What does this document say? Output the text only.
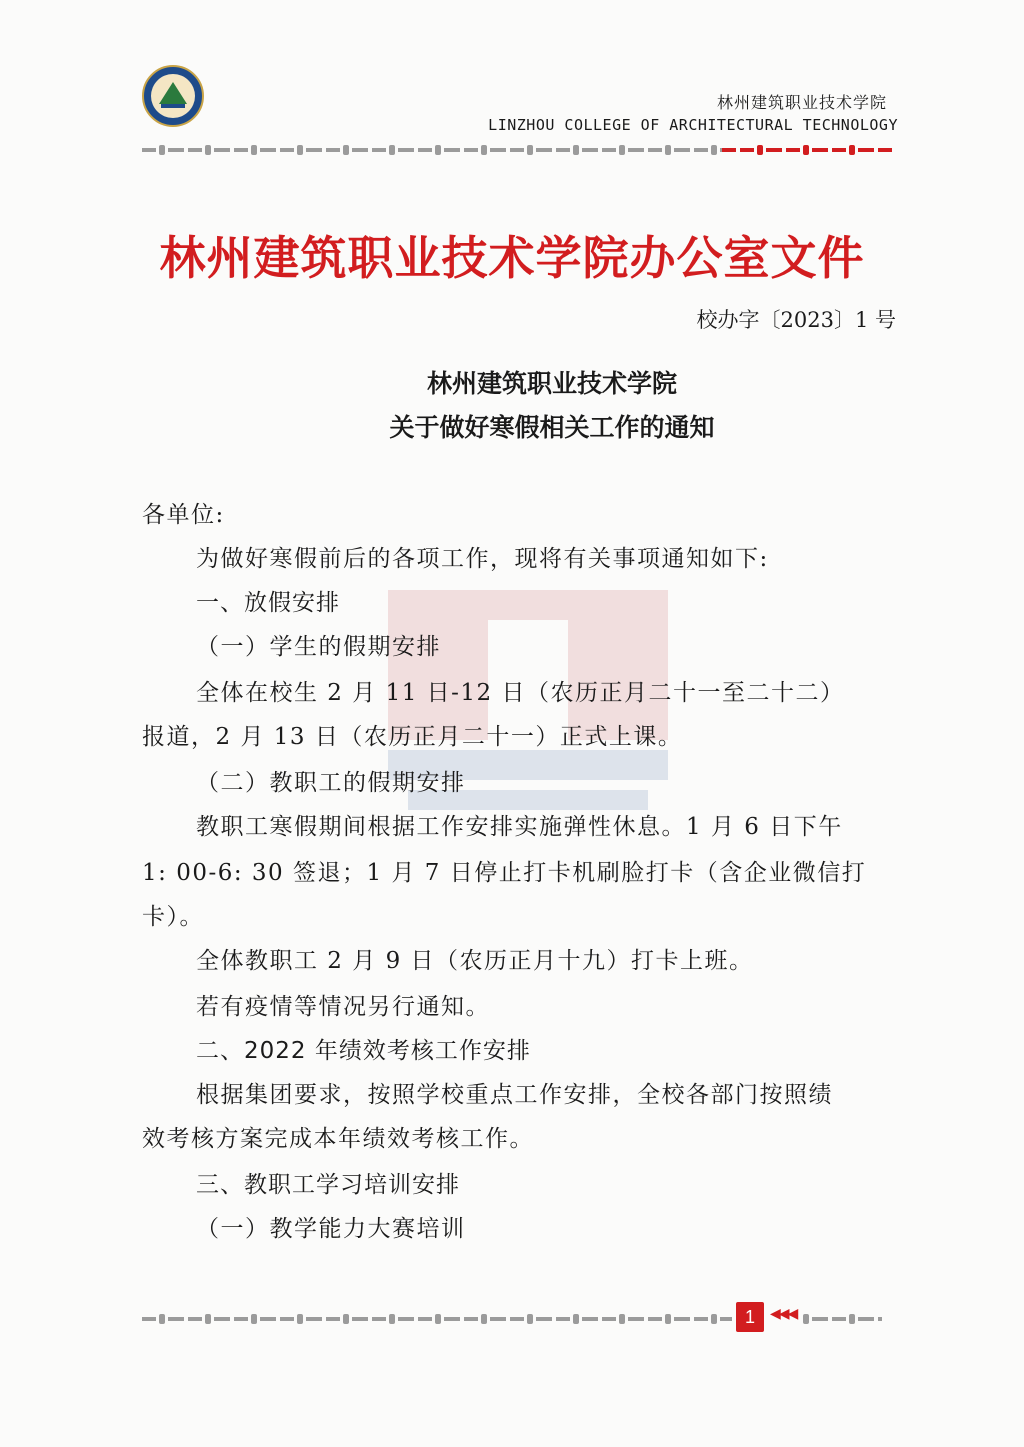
林州建筑职业技术学院
LINZHOU COLLEGE OF ARCHITECTURAL TECHNOLOGY
林州建筑职业技术学院办公室文件
校办字〔2023〕1 号
林州建筑职业技术学院
关于做好寒假相关工作的通知
各单位:
为做好寒假前后的各项工作，现将有关事项通知如下:
一、放假安排
（一）学生的假期安排
全体在校生 2 月 11 日-12 日（农历正月二十一至二十二）
报道，2 月 13 日（农历正月二十一）正式上课。
（二）教职工的假期安排
教职工寒假期间根据工作安排实施弹性休息。1 月 6 日下午
1: 00-6: 30 签退；1 月 7 日停止打卡机刷脸打卡（含企业微信打
卡）。
全体教职工 2 月 9 日（农历正月十九）打卡上班。
若有疫情等情况另行通知。
二、2022 年绩效考核工作安排
根据集团要求，按照学校重点工作安排，全校各部门按照绩
效考核方案完成本年绩效考核工作。
三、教职工学习培训安排
（一）教学能力大赛培训
1	◀◀◀
